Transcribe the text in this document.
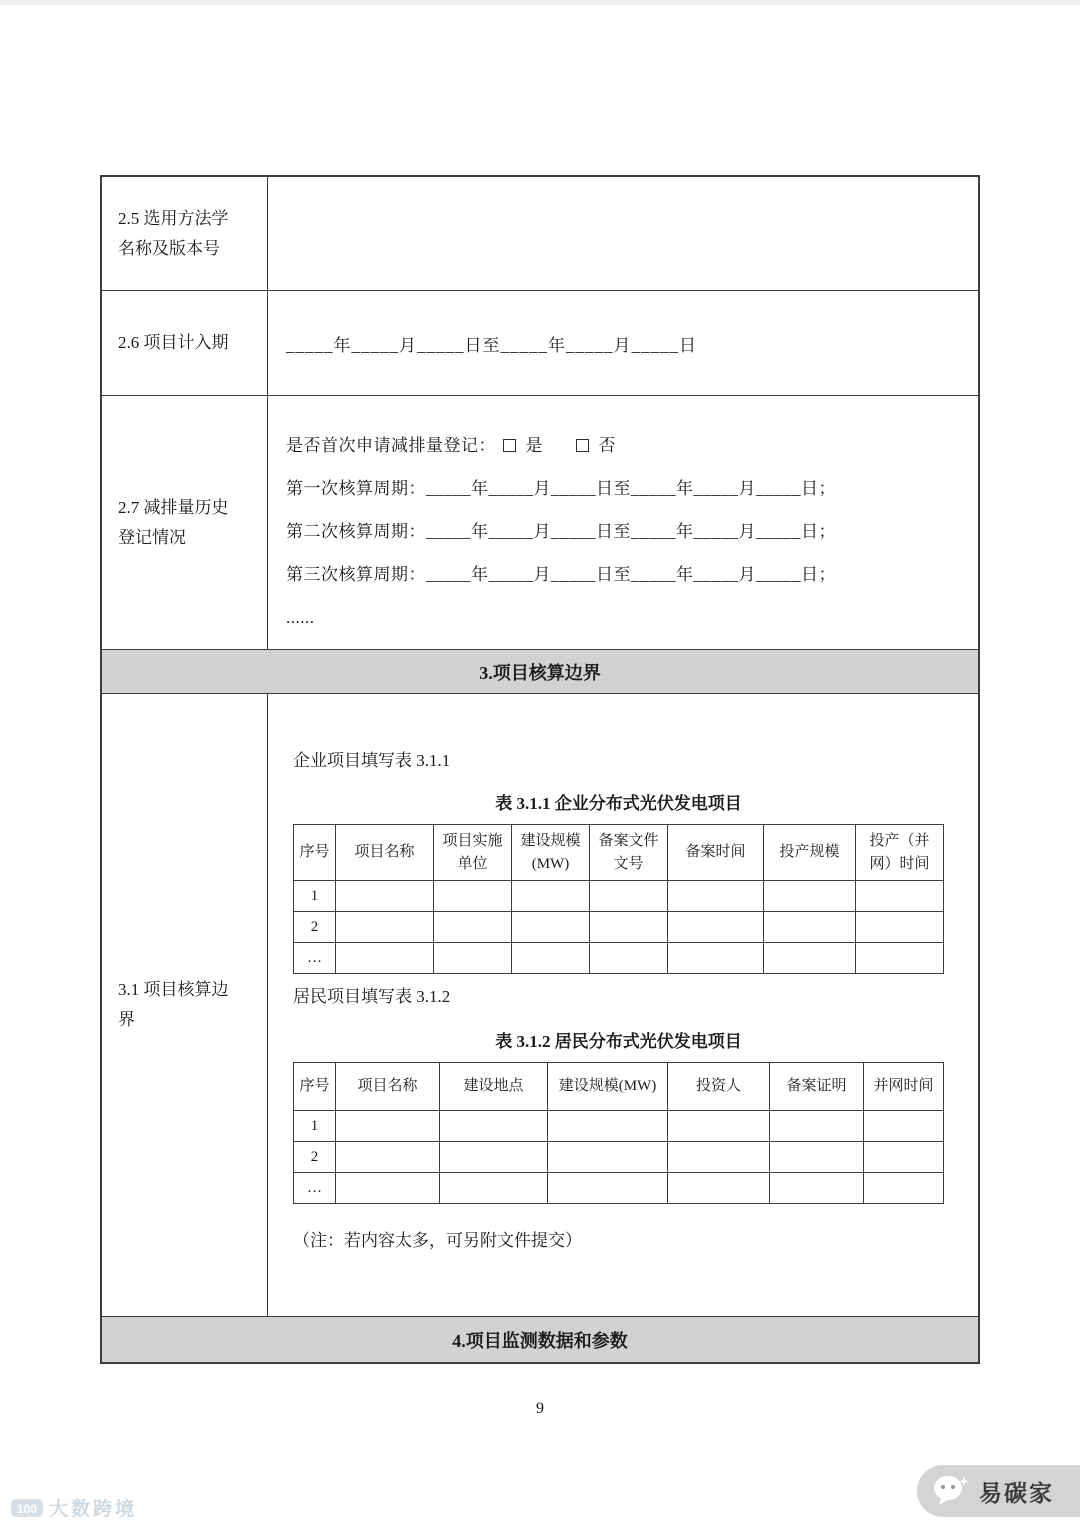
2.5 选用方法学名称及版本号
2.6 项目计入期	_____年_____月_____日至_____年_____月_____日
2.7 减排量历史登记情况
是否首次申请减排量登记： 是	否
第一次核算周期：_____年_____月_____日至_____年_____月_____日；
第二次核算周期：_____年_____月_____日至_____年_____月_____日；
第三次核算周期：_____年_____月_____日至_____年_____月_____日；
......
3.项目核算边界
3.1 项目核算边界
企业项目填写表 3.1.1
表 3.1.1 企业分布式光伏发电项目
序号	项目名称	项目实施单位	建设规模(MW)	备案文件文号	备案时间	投产规模	投产（并网）时间
1							
2							
…							
居民项目填写表 3.1.2
表 3.1.2 居民分布式光伏发电项目
序号	项目名称	建设地点	建设规模(MW)	投资人	备案证明	并网时间
1						
2						
…						
（注：若内容太多，可另附文件提交）
4.项目监测数据和参数
9
100 大数跨境
易碳家
